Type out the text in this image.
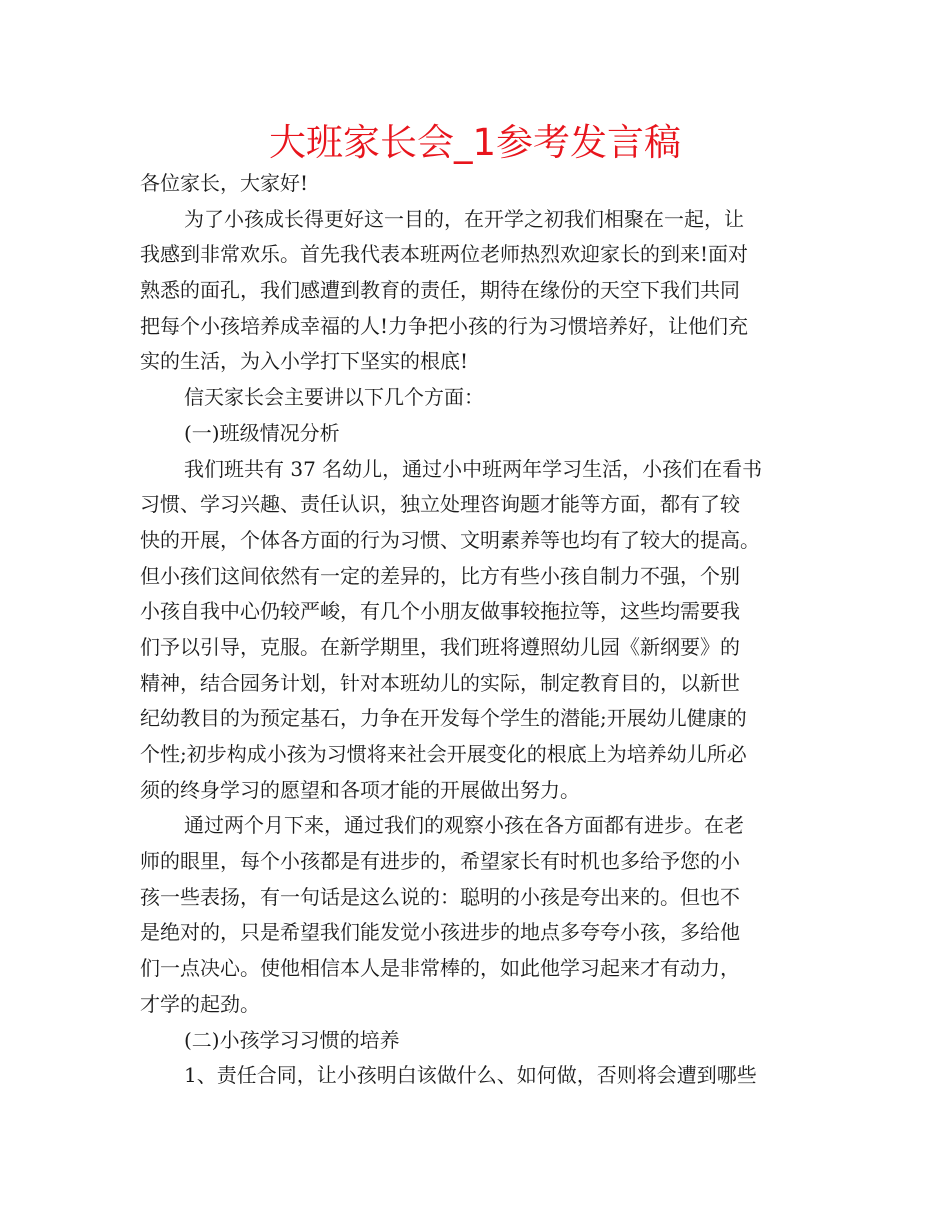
大班家长会_1参考发言稿
各位家长，大家好!
为了小孩成长得更好这一目的，在开学之初我们相聚在一起，让
我感到非常欢乐。首先我代表本班两位老师热烈欢迎家长的到来!面对
熟悉的面孔，我们感遭到教育的责任，期待在缘份的天空下我们共同
把每个小孩培养成幸福的人!力争把小孩的行为习惯培养好，让他们充
实的生活，为入小学打下坚实的根底!
信天家长会主要讲以下几个方面：
(一)班级情况分析
我们班共有 37 名幼儿，通过小中班两年学习生活，小孩们在看书
习惯、学习兴趣、责任认识，独立处理咨询题才能等方面，都有了较
快的开展，个体各方面的行为习惯、文明素养等也均有了较大的提高。
但小孩们这间依然有一定的差异的，比方有些小孩自制力不强，个别
小孩自我中心仍较严峻，有几个小朋友做事较拖拉等，这些均需要我
们予以引导，克服。在新学期里，我们班将遵照幼儿园《新纲要》的
精神，结合园务计划，针对本班幼儿的实际，制定教育目的，以新世
纪幼教目的为预定基石，力争在开发每个学生的潜能;开展幼儿健康的
个性;初步构成小孩为习惯将来社会开展变化的根底上为培养幼儿所必
须的终身学习的愿望和各项才能的开展做出努力。
通过两个月下来，通过我们的观察小孩在各方面都有进步。在老
师的眼里，每个小孩都是有进步的，希望家长有时机也多给予您的小
孩一些表扬，有一句话是这么说的：聪明的小孩是夸出来的。但也不
是绝对的，只是希望我们能发觉小孩进步的地点多夸夸小孩，多给他
们一点决心。使他相信本人是非常棒的，如此他学习起来才有动力，
才学的起劲。
(二)小孩学习习惯的培养
1、责任合同，让小孩明白该做什么、如何做，否则将会遭到哪些
